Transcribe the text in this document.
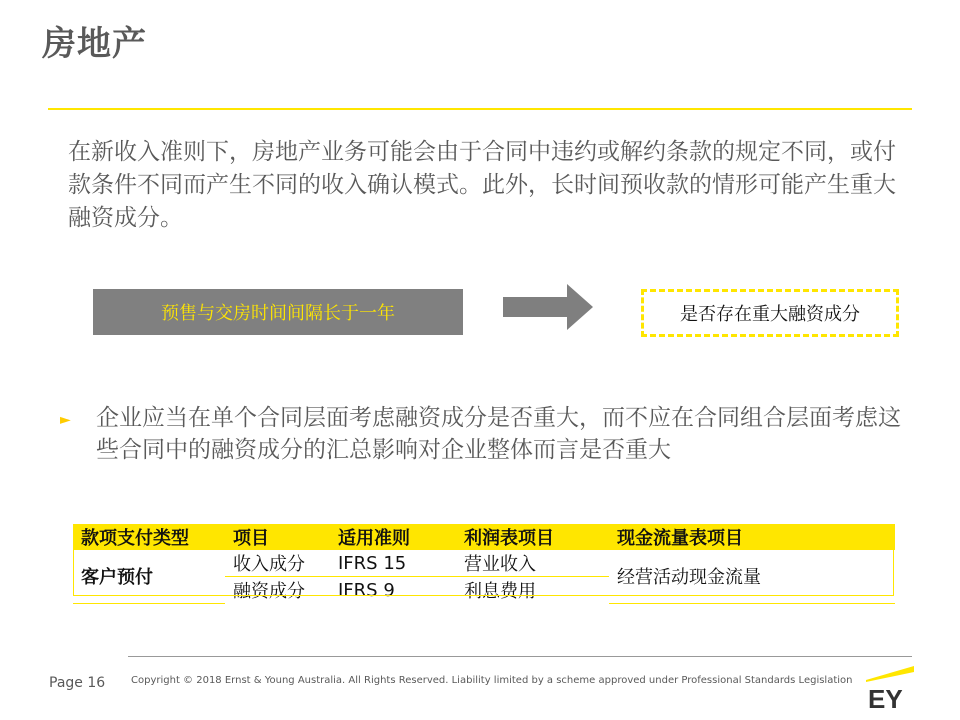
房地产
在新收入准则下，房地产业务可能会由于合同中违约或解约条款的规定不同，或付款条件不同而产生不同的收入确认模式。此外，长时间预收款的情形可能产生重大融资成分。
预售与交房时间间隔长于一年	是否存在重大融资成分
► 企业应当在单个合同层面考虑融资成分是否重大，而不应在合同组合层面考虑这些合同中的融资成分的汇总影响对企业整体而言是否重大
款项支付类型	项目	适用准则	利润表项目	现金流量表项目
客户预付	收入成分	IFRS 15	营业收入	经营活动现金流量
	融资成分	IFRS 9	利息费用	
Page 16	Copyright © 2018 Ernst & Young Australia. All Rights Reserved. Liability limited by a scheme approved under Professional Standards Legislation
EY
